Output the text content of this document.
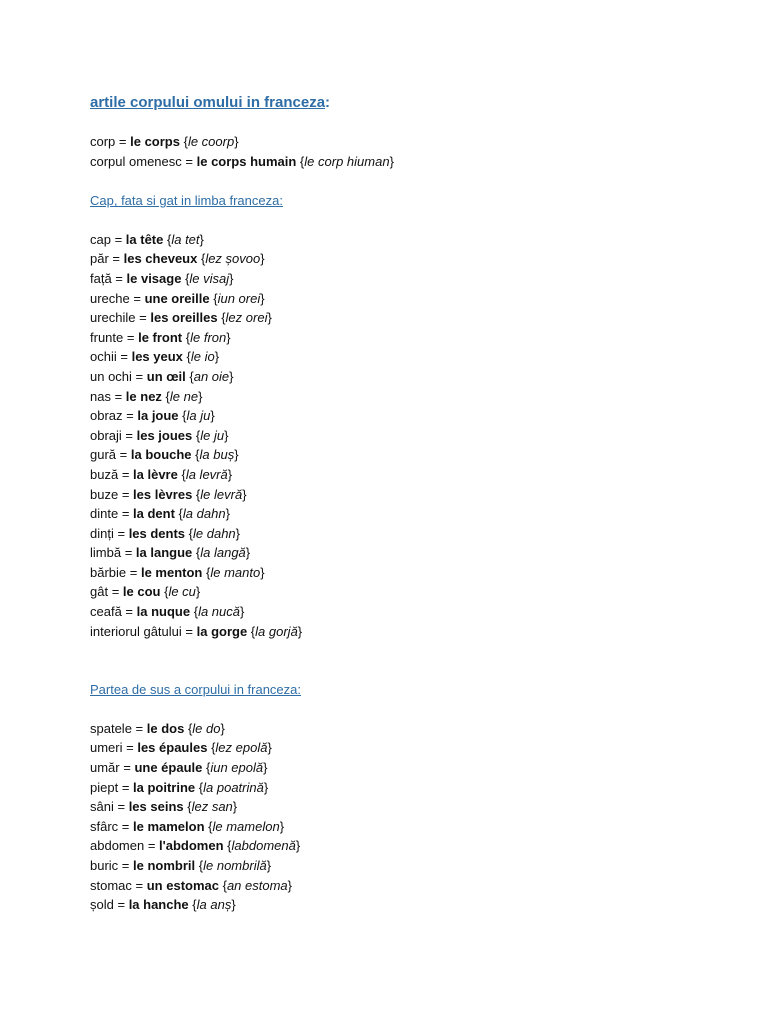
artile corpului omului in franceza:
corp = le corps {le coorp}
corpul omenesc = le corps humain {le corp hiuman}
Cap, fata si gat in limba franceza:
cap = la tête {la tet}
păr = les cheveux {lez șovoo}
față = le visage {le visaj}
ureche = une oreille {iun orei}
urechile = les oreilles {lez orei}
frunte = le front {le fron}
ochii = les yeux {le io}
un ochi = un œil {an oie}
nas = le nez {le ne}
obraz = la joue {la ju}
obraji = les joues {le ju}
gură = la bouche {la buș}
buză = la lèvre {la levră}
buze = les lèvres {le levră}
dinte = la dent {la dahn}
dinți = les dents {le dahn}
limbă = la langue {la langă}
bărbie = le menton {le manto}
gât = le cou {le cu}
ceafă = la nuque {la nucă}
interiorul gâtului = la gorge {la gorjă}
Partea de sus a corpului in franceza:
spatele = le dos {le do}
umeri = les épaules {lez epolă}
umăr = une épaule {iun epolă}
piept = la poitrine {la poatrină}
sâni = les seins {lez san}
sfârc = le mamelon {le mamelon}
abdomen = l'abdomen {labdomenă}
buric = le nombril {le nombrilă}
stomac = un estomac {an estoma}
șold = la hanche {la anș}
